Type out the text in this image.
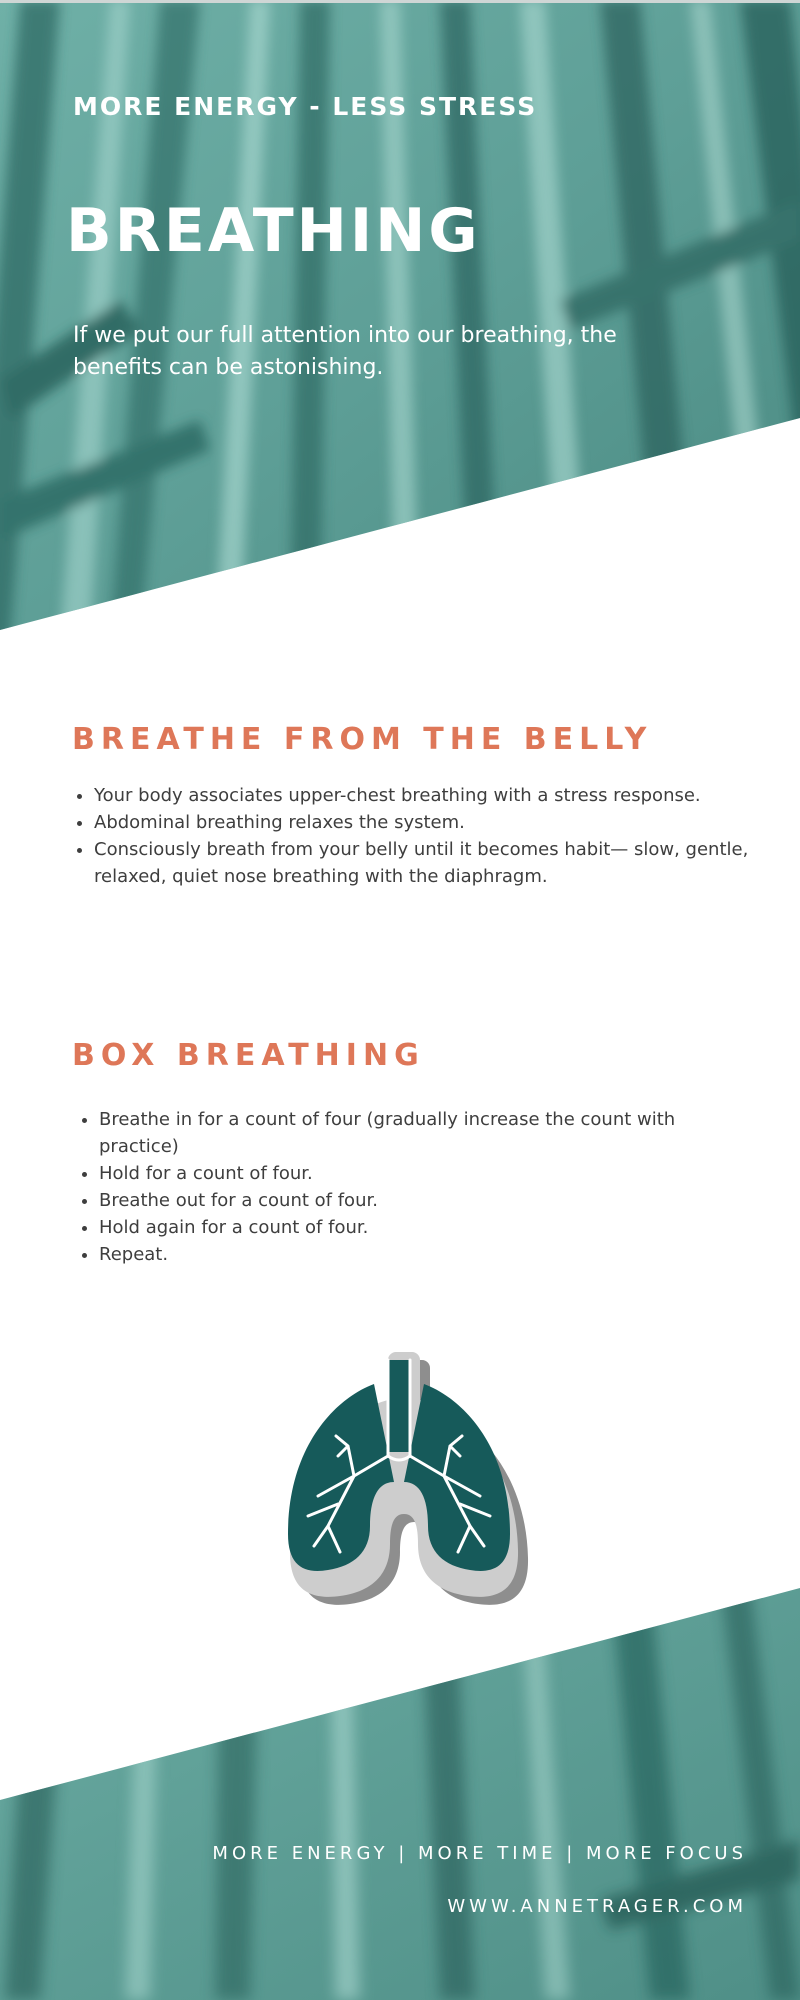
MORE ENERGY - LESS STRESS
BREATHING
If we put our full attention into our breathing, the benefits can be astonishing.
BREATHE FROM THE BELLY
• Your body associates upper-chest breathing with a stress response.
• Abdominal breathing relaxes the system.
• Consciously breath from your belly until it becomes habit— slow, gentle, relaxed, quiet nose breathing with the diaphragm.
BOX BREATHING
• Breathe in for a count of four (gradually increase the count with practice)
• Hold for a count of four.
• Breathe out for a count of four.
• Hold again for a count of four.
• Repeat.
MORE ENERGY | MORE TIME | MORE FOCUS
WWW.ANNETRAGER.COM
